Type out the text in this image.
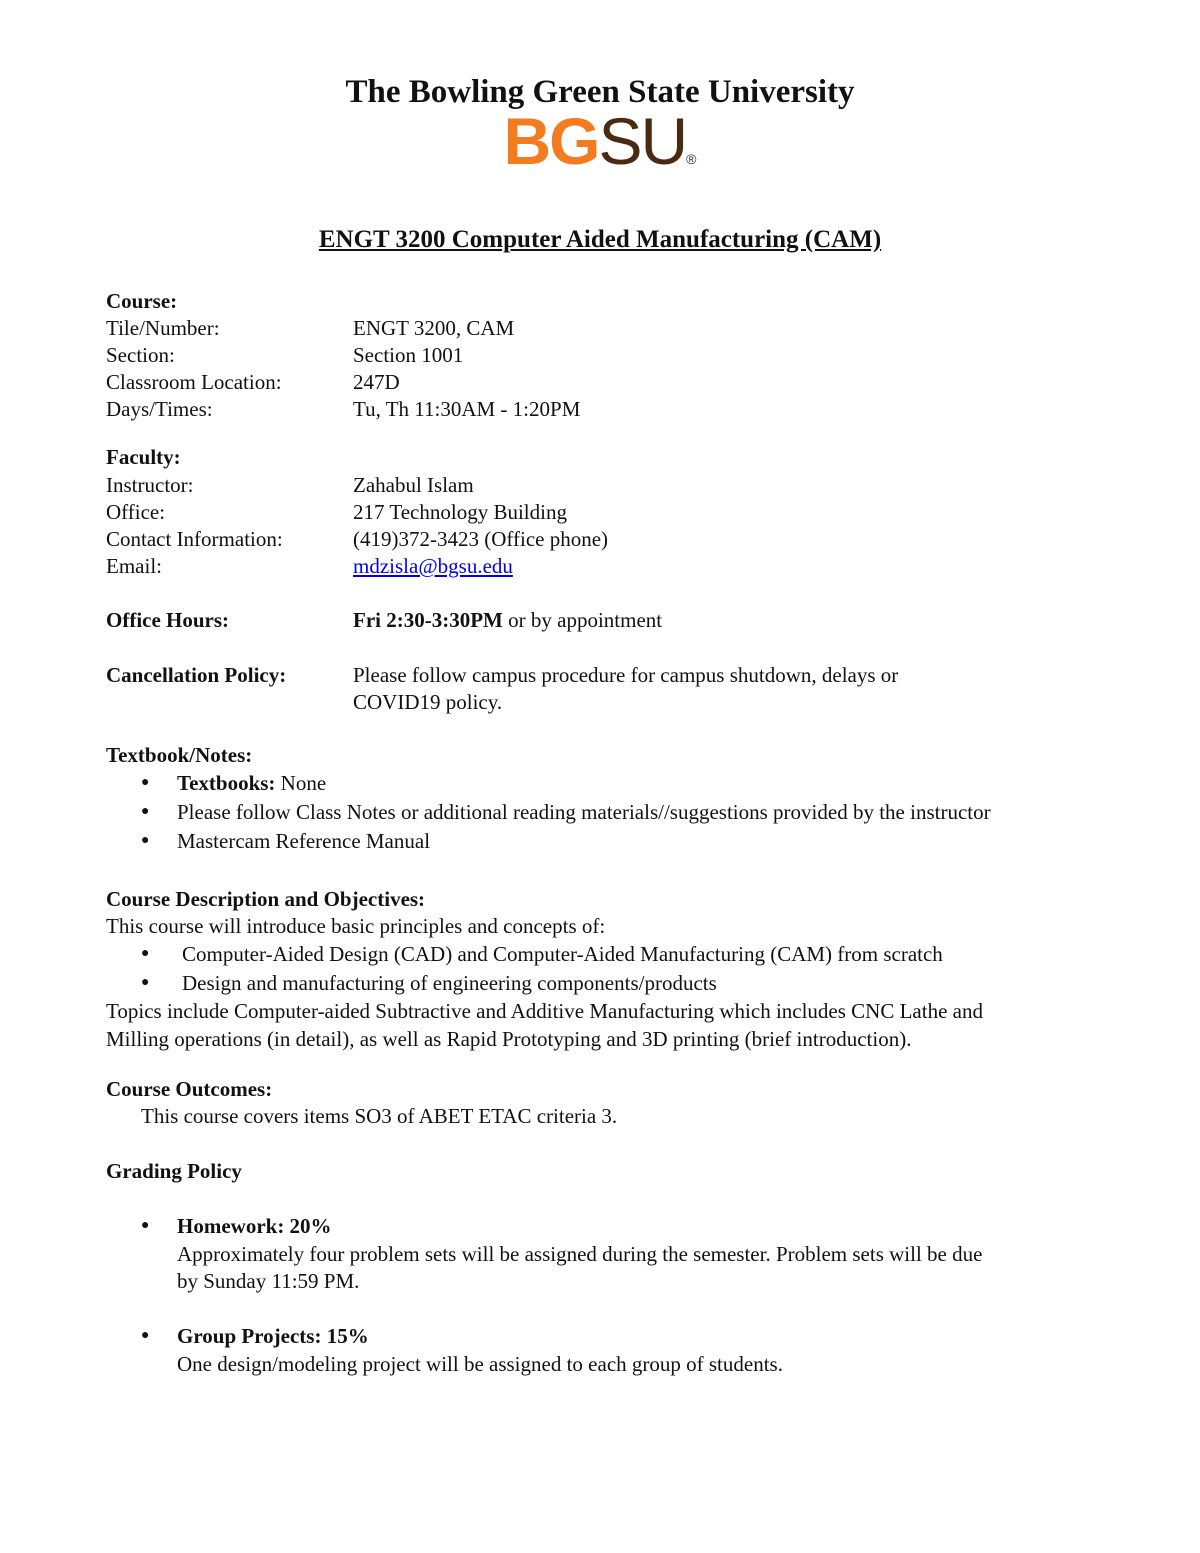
The Bowling Green State University
BGSU®
ENGT 3200 Computer Aided Manufacturing (CAM)
Course:
Tile/Number:	ENGT 3200, CAM
Section:	Section 1001
Classroom Location:	247D
Days/Times:	Tu, Th 11:30AM - 1:20PM
Faculty:
Instructor:	Zahabul Islam
Office:	217 Technology Building
Contact Information:	(419)372-3423 (Office phone)
Email:	mdzisla@bgsu.edu
Office Hours:	Fri 2:30-3:30PM or by appointment
Cancellation Policy:	Please follow campus procedure for campus shutdown, delays or
COVID19 policy.
Textbook/Notes:
● Textbooks: None
● Please follow Class Notes or additional reading materials//suggestions provided by the instructor
● Mastercam Reference Manual
Course Description and Objectives:
This course will introduce basic principles and concepts of:
● Computer-Aided Design (CAD) and Computer-Aided Manufacturing (CAM) from scratch
● Design and manufacturing of engineering components/products
Topics include Computer-aided Subtractive and Additive Manufacturing which includes CNC Lathe and
Milling operations (in detail), as well as Rapid Prototyping and 3D printing (brief introduction).
Course Outcomes:
This course covers items SO3 of ABET ETAC criteria 3.
Grading Policy
● Homework: 20%
Approximately four problem sets will be assigned during the semester. Problem sets will be due
by Sunday 11:59 PM.
● Group Projects: 15%
One design/modeling project will be assigned to each group of students.
